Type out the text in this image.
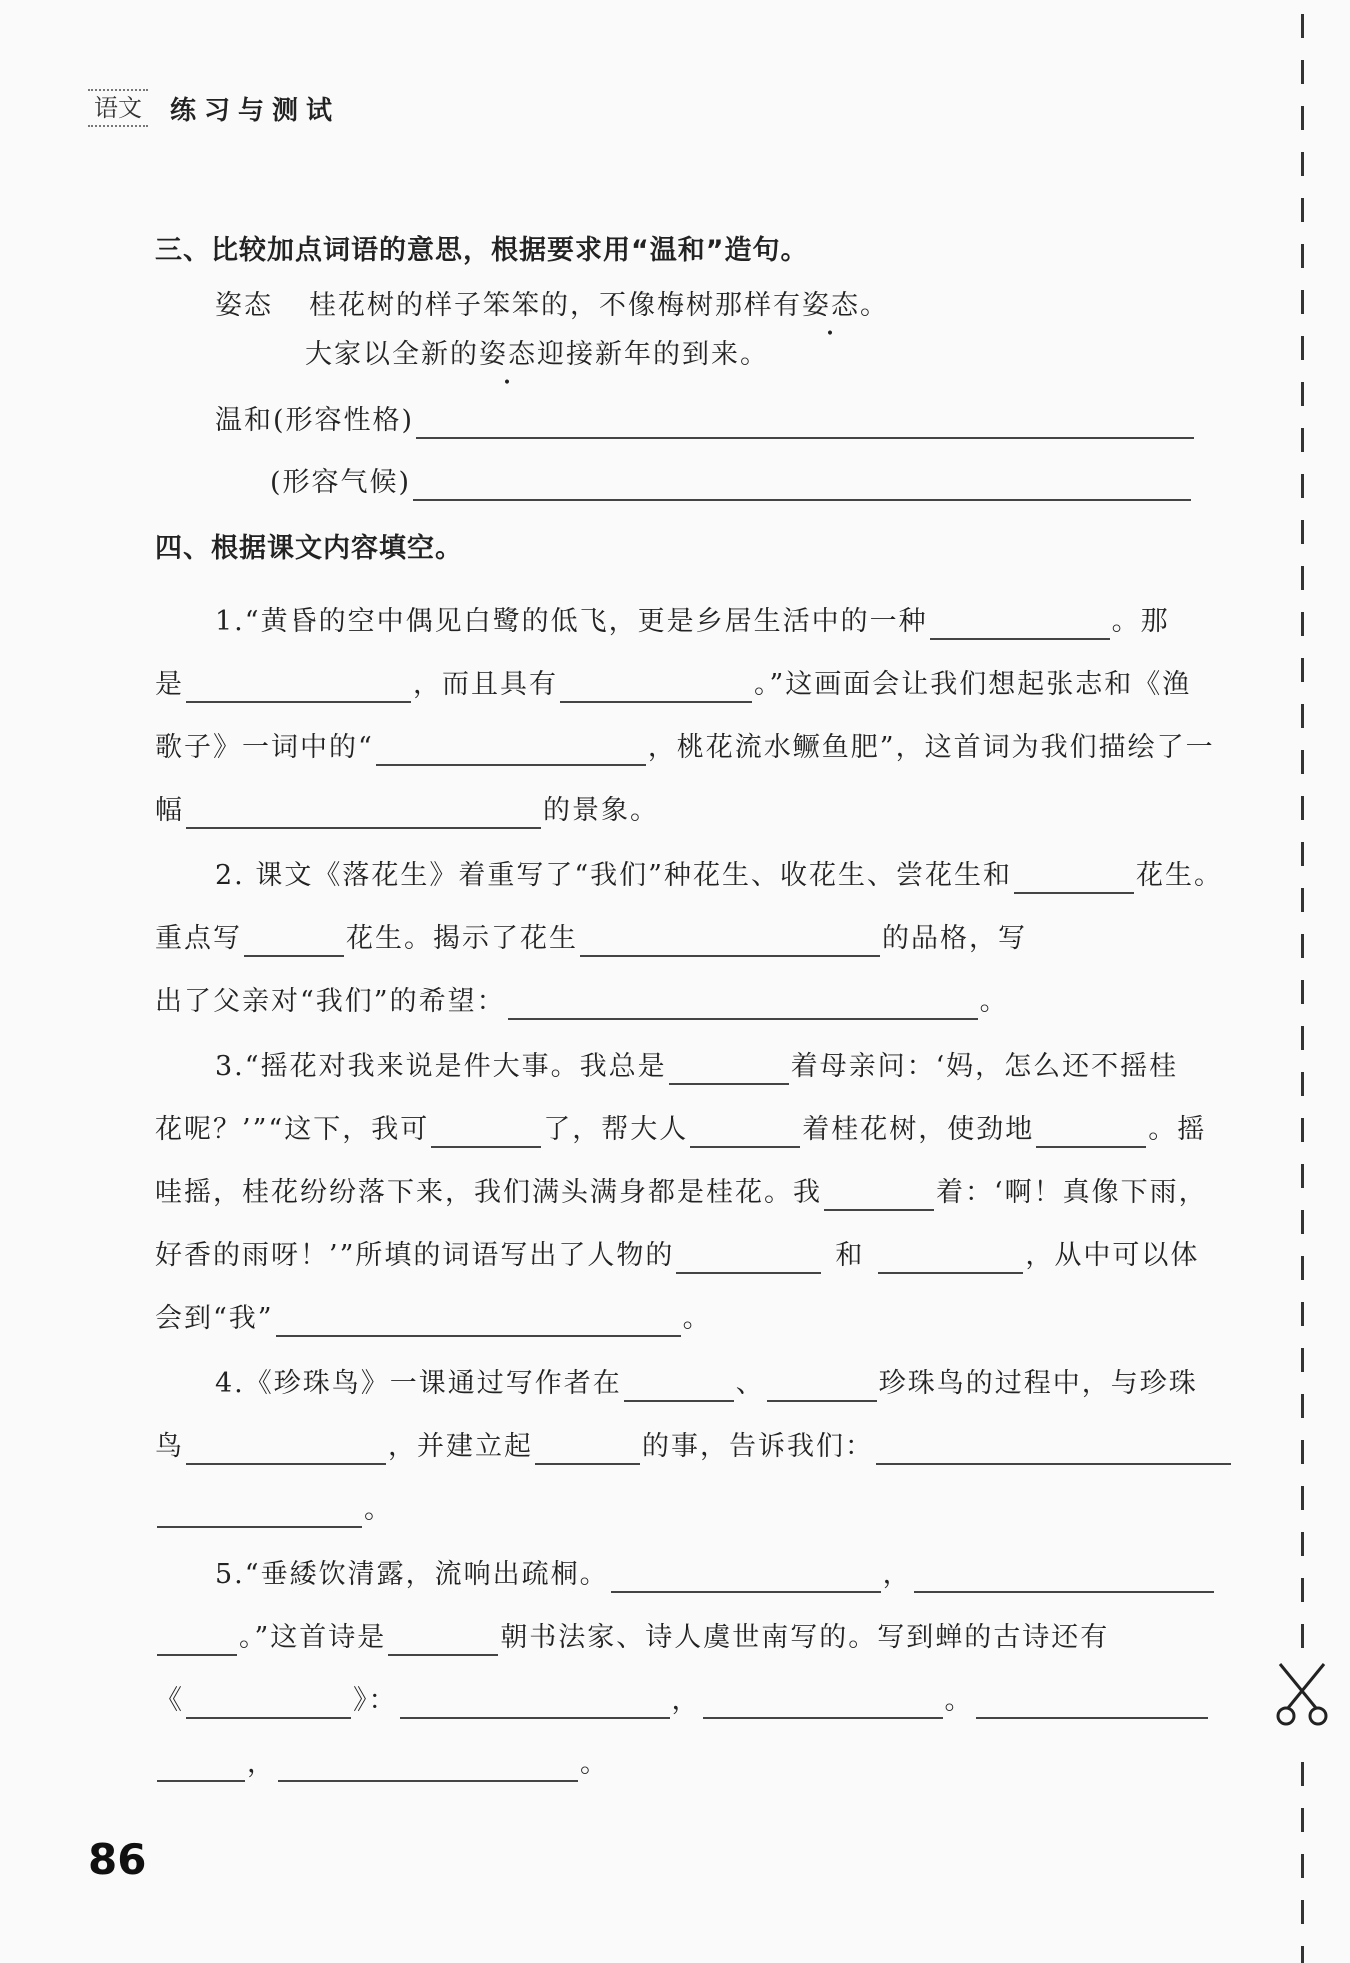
语文 练习与测试
三、比较加点词语的意思，根据要求用“温和”造句。
姿态 桂花树的样子笨笨的，不像梅树那样有姿态。
大家以全新的姿态迎接新年的到来。
温和(形容性格)
(形容气候)
四、根据课文内容填空。
1.“黄昏的空中偶见白鹭的低飞，更是乡居生活中的一种	。那
是	，而且具有	。”这画面会让我们想起张志和《渔
歌子》一词中的“	，桃花流水鳜鱼肥”，这首词为我们描绘了一
幅	的景象。
2. 课文《落花生》着重写了“我们”种花生、收花生、尝花生和	花生。
重点写	花生。揭示了花生	的品格，写
出了父亲对“我们”的希望：	。
3.“摇花对我来说是件大事。我总是	着母亲问：‘妈，怎么还不摇桂
花呢？’”“这下，我可	了，帮大人	着桂花树，使劲地	。摇
哇摇，桂花纷纷落下来，我们满头满身都是桂花。我	着：‘啊！真像下雨，
好香的雨呀！’”所填的词语写出了人物的	和	，从中可以体
会到“我”	。
4.《珍珠鸟》一课通过写作者在	、	珍珠鸟的过程中，与珍珠
鸟	，并建立起	的事，告诉我们：
。
5.“垂緌饮清露，流响出疏桐。	，
。”这首诗是	朝书法家、诗人虞世南写的。写到蝉的古诗还有
《	》：	，	。
，	。
86
